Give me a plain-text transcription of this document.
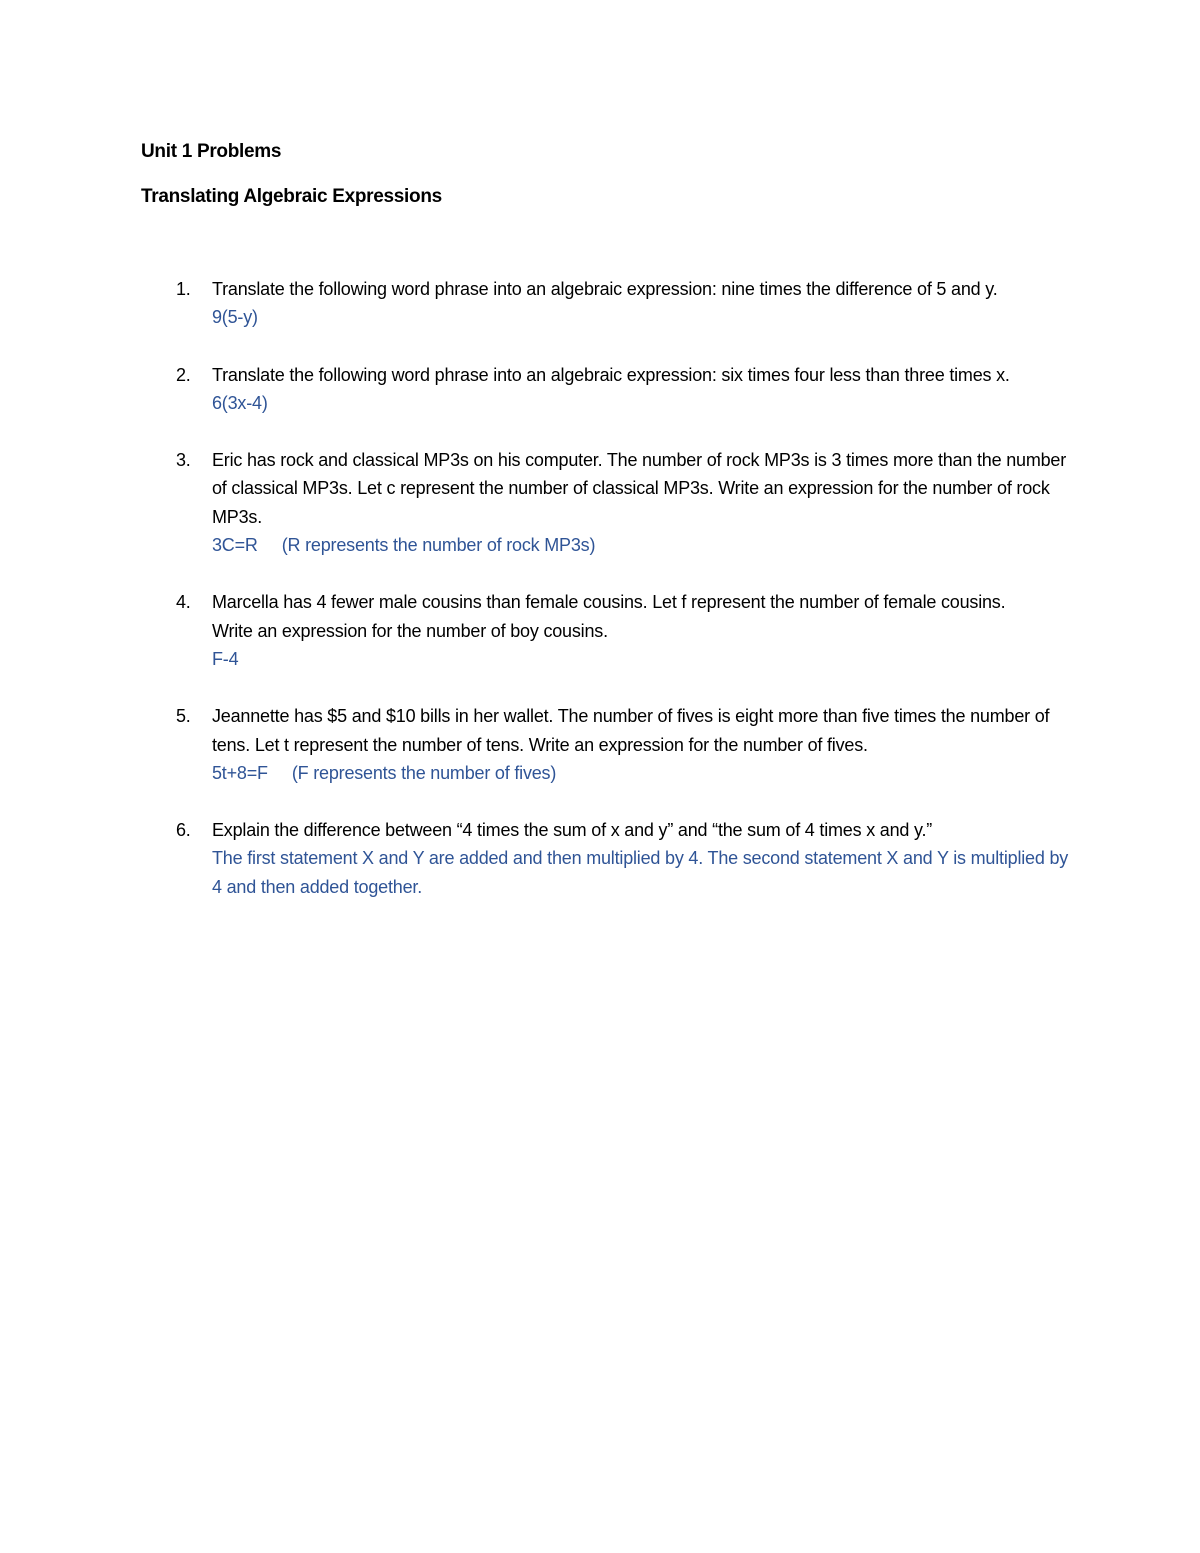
Unit 1 Problems
Translating Algebraic Expressions
1. Translate the following word phrase into an algebraic expression: nine times the difference of 5 and y.
9(5-y)
2. Translate the following word phrase into an algebraic expression: six times four less than three times x.
6(3x-4)
3. Eric has rock and classical MP3s on his computer. The number of rock MP3s is 3 times more than the number of classical MP3s. Let c represent the number of classical MP3s. Write an expression for the number of rock MP3s.
3C=R (R represents the number of rock MP3s)
4. Marcella has 4 fewer male cousins than female cousins. Let f represent the number of female cousins. Write an expression for the number of boy cousins.
F-4
5. Jeannette has $5 and $10 bills in her wallet. The number of fives is eight more than five times the number of tens. Let t represent the number of tens. Write an expression for the number of fives.
5t+8=F (F represents the number of fives)
6. Explain the difference between “4 times the sum of x and y” and “the sum of 4 times x and y.”
The first statement X and Y are added and then multiplied by 4. The second statement X and Y is multiplied by 4 and then added together.
